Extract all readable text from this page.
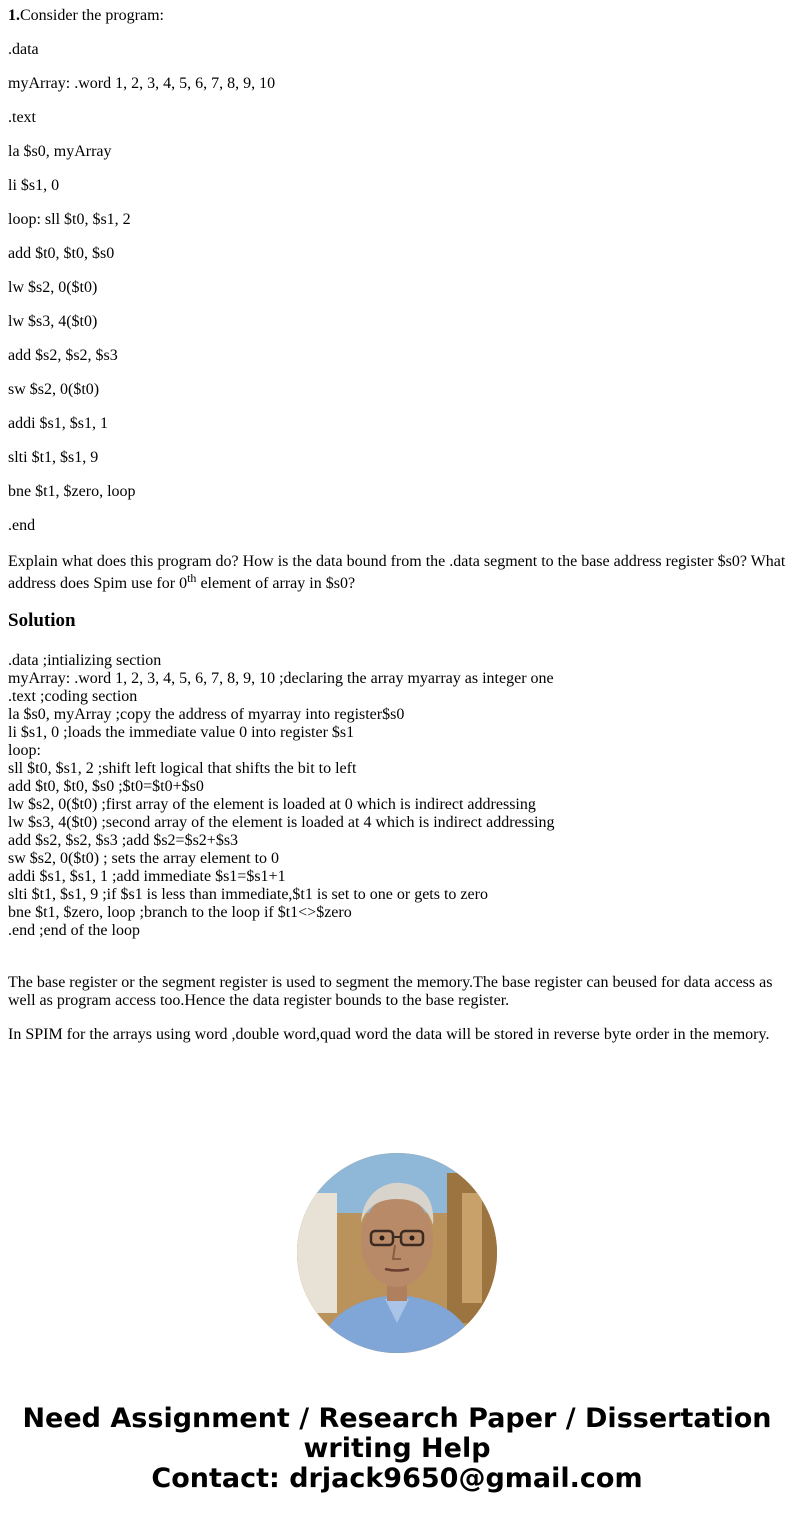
1.Consider the program:
.data
myArray: .word 1, 2, 3, 4, 5, 6, 7, 8, 9, 10
.text
la $s0, myArray
li $s1, 0
loop: sll $t0, $s1, 2
add $t0, $t0, $s0
lw $s2, 0($t0)
lw $s3, 4($t0)
add $s2, $s2, $s3
sw $s2, 0($t0)
addi $s1, $s1, 1
slti $t1, $s1, 9
bne $t1, $zero, loop
.end
Explain what does this program do? How is the data bound from the .data segment to the base address register $s0? What address does Spim use for 0th element of array in $s0?
Solution
.data ;intializing section
myArray: .word 1, 2, 3, 4, 5, 6, 7, 8, 9, 10 ;declaring the array myarray as integer one
.text ;coding section
la $s0, myArray ;copy the address of myarray into register$s0
li $s1, 0 ;loads the immediate value 0 into register $s1
loop:
sll $t0, $s1, 2 ;shift left logical that shifts the bit to left
add $t0, $t0, $s0 ;$t0=$t0+$s0
lw $s2, 0($t0) ;first array of the element is loaded at 0 which is indirect addressing
lw $s3, 4($t0) ;second array of the element is loaded at 4 which is indirect addressing
add $s2, $s2, $s3 ;add $s2=$s2+$s3
sw $s2, 0($t0) ; sets the array element to 0
addi $s1, $s1, 1 ;add immediate $s1=$s1+1
slti $t1, $s1, 9 ;if $s1 is less than immediate,$t1 is set to one or gets to zero
bne $t1, $zero, loop ;branch to the loop if $t1<>$zero
.end ;end of the loop

The base register or the segment register is used to segment the memory.The base register can beused for data access as well as program access too.Hence the data register bounds to the base register.

In SPIM for the arrays using word ,double word,quad word the data will be stored in reverse byte order in the memory.

Need Assignment / Research Paper / Dissertation
writing Help
Contact: drjack9650@gmail.com
